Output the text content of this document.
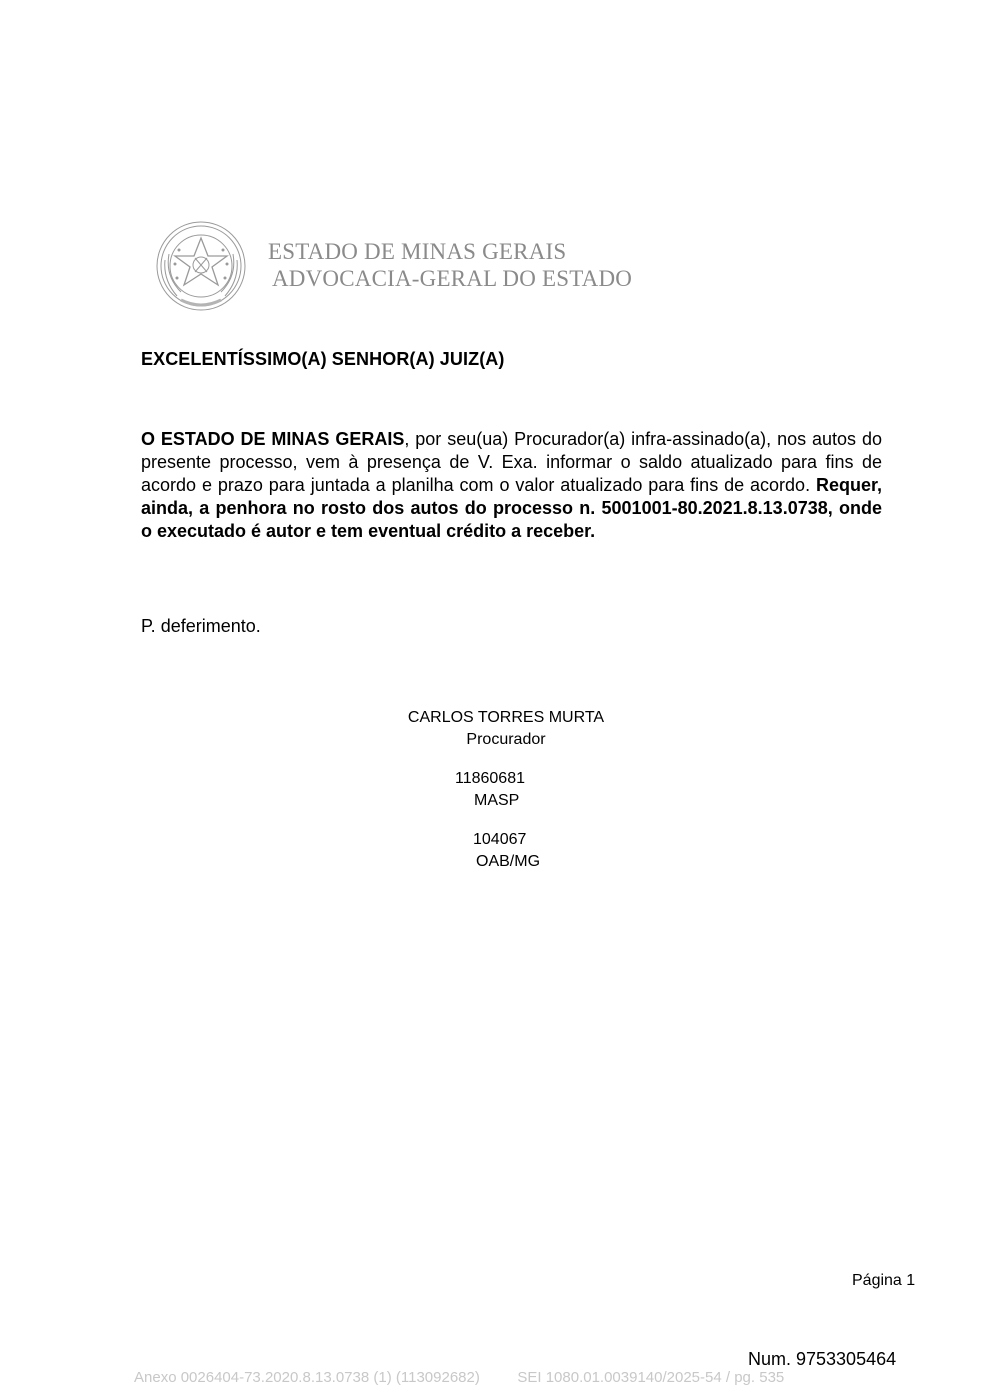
ESTADO DE MINAS GERAIS
ADVOCACIA-GERAL DO ESTADO
EXCELENTÍSSIMO(A) SENHOR(A) JUIZ(A)
O ESTADO DE MINAS GERAIS, por seu(ua) Procurador(a) infra-assinado(a), nos autos do presente processo, vem à presença de V. Exa. informar o saldo atualizado para fins de acordo e prazo para juntada a planilha com o valor atualizado para fins de acordo. Requer, ainda, a penhora no rosto dos autos do processo n. 5001001-80.2021.8.13.0738, onde o executado é autor e tem eventual crédito a receber.
P. deferimento.
CARLOS TORRES MURTA
Procurador
11860681
MASP
104067
OAB/MG
Página 1
Num. 9753305464
Anexo 0026404-73.2020.8.13.0738 (1) (113092682)	SEI 1080.01.0039140/2025-54 / pg. 535
